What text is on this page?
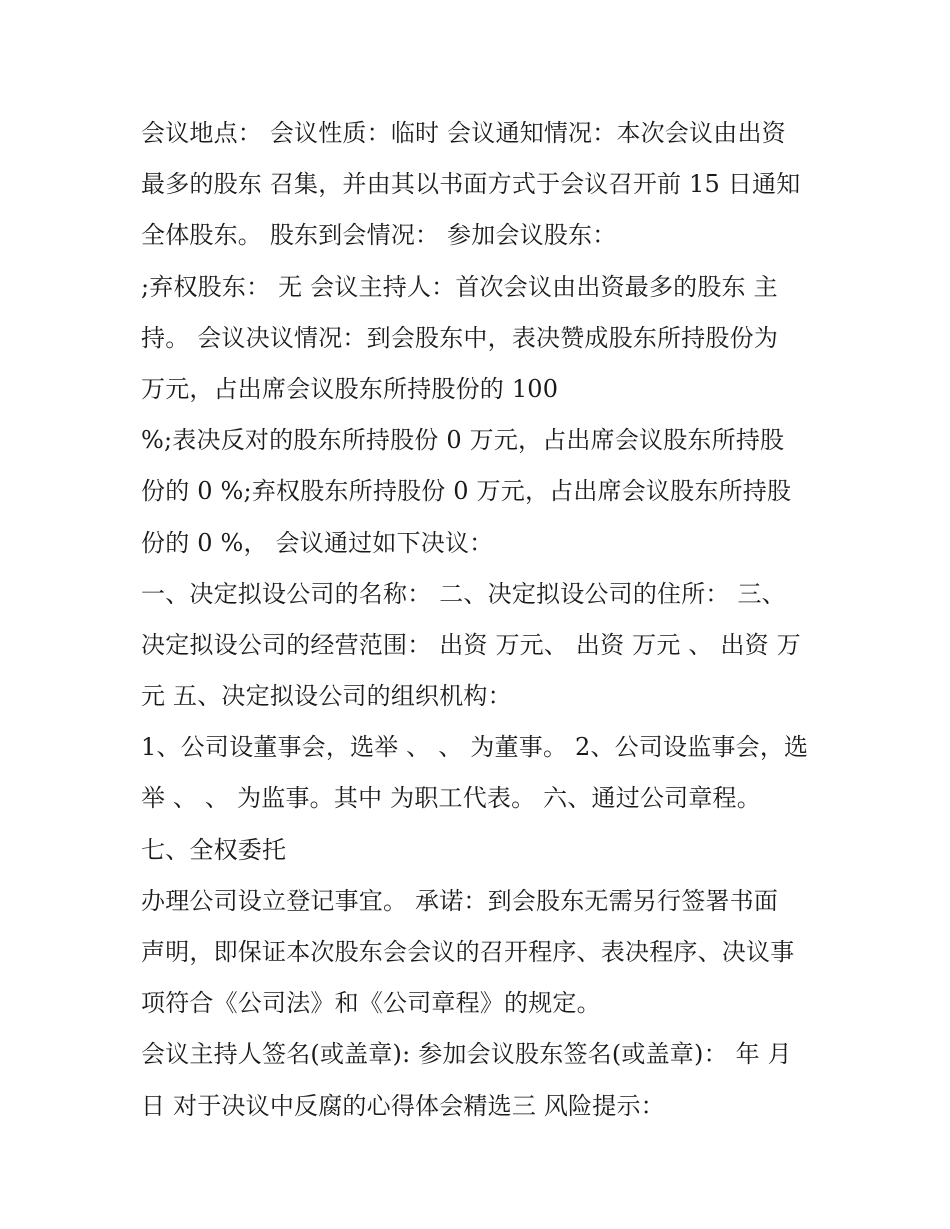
会议地点： 会议性质：临时 会议通知情况：本次会议由出资
最多的股东 召集，并由其以书面方式于会议召开前 15 日通知
全体股东。 股东到会情况： 参加会议股东：
;弃权股东： 无 会议主持人：首次会议由出资最多的股东 主
持。 会议决议情况：到会股东中，表决赞成股东所持股份为
万元，占出席会议股东所持股份的 100
%;表决反对的股东所持股份 0 万元，占出席会议股东所持股
份的 0 %;弃权股东所持股份 0 万元，占出席会议股东所持股
份的 0 %， 会议通过如下决议：
一、决定拟设公司的名称： 二、决定拟设公司的住所： 三、
决定拟设公司的经营范围： 出资 万元、 出资 万元 、 出资 万
元 五、决定拟设公司的组织机构：
1、公司设董事会，选举 、 、 为董事。 2、公司设监事会，选
举 、 、 为监事。其中 为职工代表。 六、通过公司章程。
七、全权委托
办理公司设立登记事宜。 承诺：到会股东无需另行签署书面
声明，即保证本次股东会会议的召开程序、表决程序、决议事
项符合《公司法》和《公司章程》的规定。
会议主持人签名(或盖章): 参加会议股东签名(或盖章)： 年 月
日 对于决议中反腐的心得体会精选三 风险提示：
